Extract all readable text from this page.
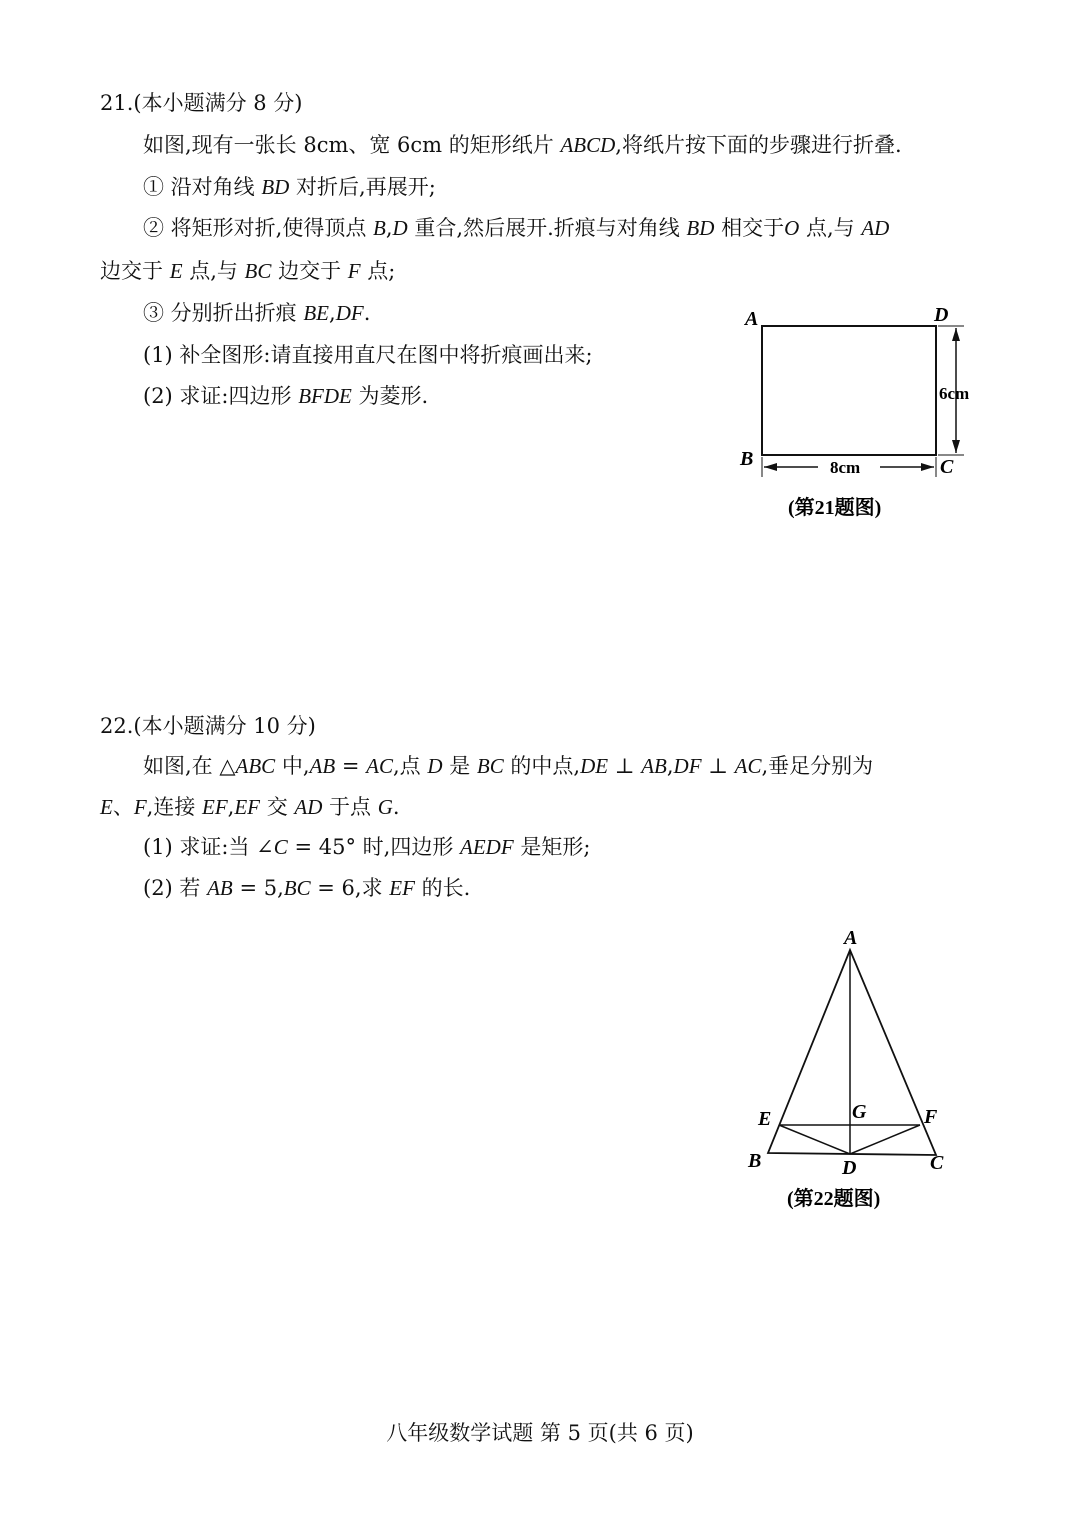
21.(本小题满分 8 分)
如图,现有一张长 8cm、宽 6cm 的矩形纸片 ABCD,将纸片按下面的步骤进行折叠.
① 沿对角线 BD 对折后,再展开;
② 将矩形对折,使得顶点 B,D 重合,然后展开.折痕与对角线 BD 相交于O 点,与 AD
边交于 E 点,与 BC 边交于 F 点;
③ 分别折出折痕 BE,DF.
(1) 补全图形:请直接用直尺在图中将折痕画出来;
(2) 求证:四边形 BFDE 为菱形.
A	D
B	C
6cm
8cm
(第21题图)
22.(本小题满分 10 分)
如图,在 △ABC 中,AB = AC,点 D 是 BC 的中点,DE ⊥ AB,DF ⊥ AC,垂足分别为
E、F,连接 EF,EF 交 AD 于点 G.
(1) 求证:当 ∠C = 45° 时,四边形 AEDF 是矩形;
(2) 若 AB = 5,BC = 6,求 EF 的长.
A
E	G	F
B	D	C
(第22题图)
八年级数学试题 第 5 页(共 6 页)
